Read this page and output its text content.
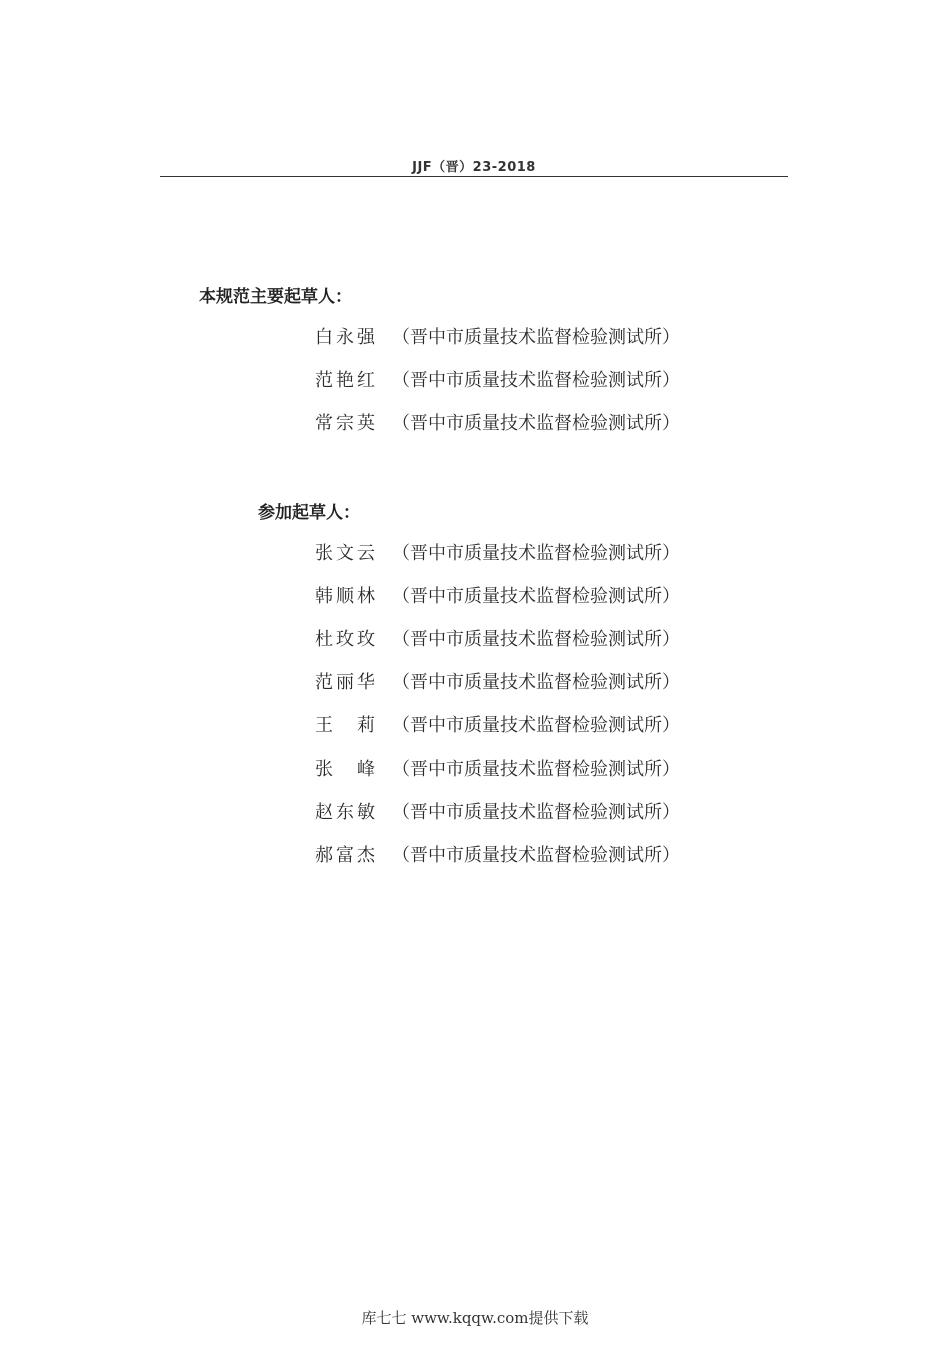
JJF（晋）23-2018
本规范主要起草人：
白永强 （晋中市质量技术监督检验测试所）
范艳红 （晋中市质量技术监督检验测试所）
常宗英 （晋中市质量技术监督检验测试所）
参加起草人：
张文云 （晋中市质量技术监督检验测试所）
韩顺林 （晋中市质量技术监督检验测试所）
杜玫玫 （晋中市质量技术监督检验测试所）
范丽华 （晋中市质量技术监督检验测试所）
王莉 （晋中市质量技术监督检验测试所）
张峰 （晋中市质量技术监督检验测试所）
赵东敏 （晋中市质量技术监督检验测试所）
郝富杰 （晋中市质量技术监督检验测试所）
库七七 www.kqqw.com提供下载
